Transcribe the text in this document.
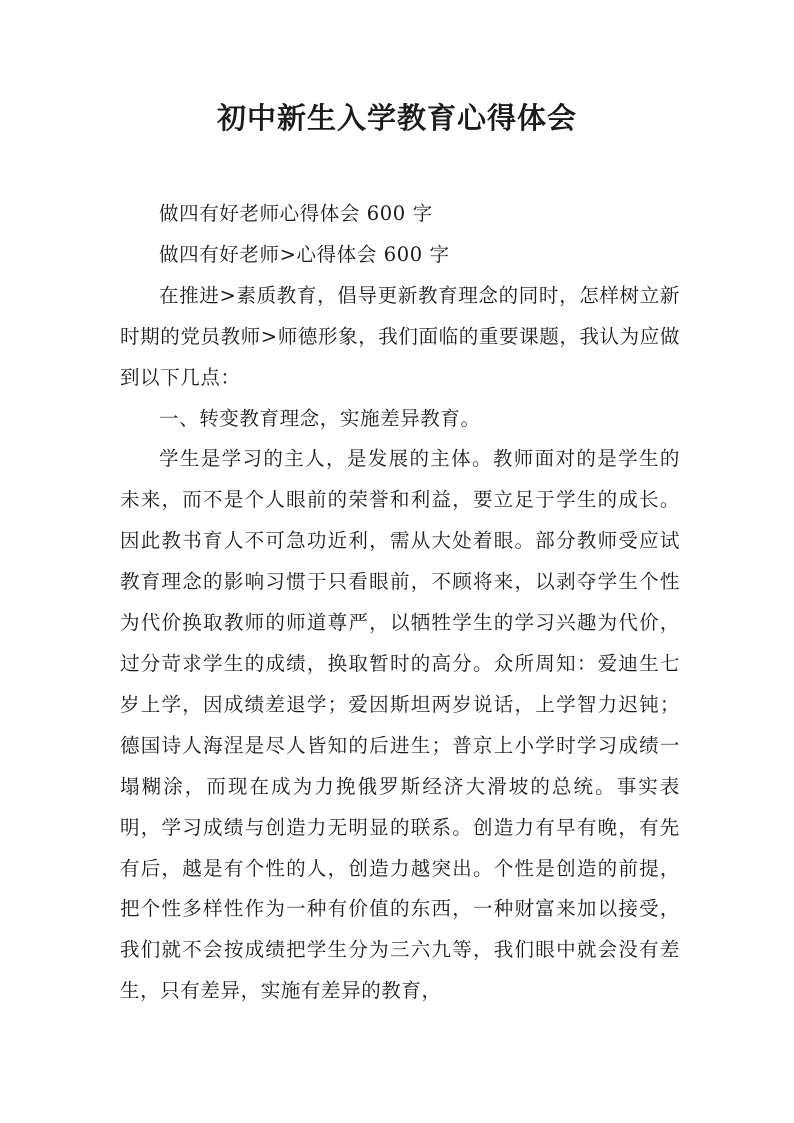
初中新生入学教育心得体会

做四有好老师心得体会 600 字

做四有好老师>心得体会 600 字

在推进>素质教育，倡导更新教育理念的同时，怎样树立新时期的党员教师>师德形象，我们面临的重要课题，我认为应做到以下几点：

一、转变教育理念，实施差异教育。

学生是学习的主人，是发展的主体。教师面对的是学生的未来，而不是个人眼前的荣誉和利益，要立足于学生的成长。因此教书育人不可急功近利，需从大处着眼。部分教师受应试教育理念的影响习惯于只看眼前，不顾将来，以剥夺学生个性为代价换取教师的师道尊严，以牺牲学生的学习兴趣为代价，过分苛求学生的成绩，换取暂时的高分。众所周知：爱迪生七岁上学，因成绩差退学；爱因斯坦两岁说话，上学智力迟钝；德国诗人海涅是尽人皆知的后进生；普京上小学时学习成绩一塌糊涂，而现在成为力挽俄罗斯经济大滑坡的总统。事实表明，学习成绩与创造力无明显的联系。创造力有早有晚，有先有后，越是有个性的人，创造力越突出。个性是创造的前提，把个性多样性作为一种有价值的东西，一种财富来加以接受，我们就不会按成绩把学生分为三六九等，我们眼中就会没有差生，只有差异，实施有差异的教育，
